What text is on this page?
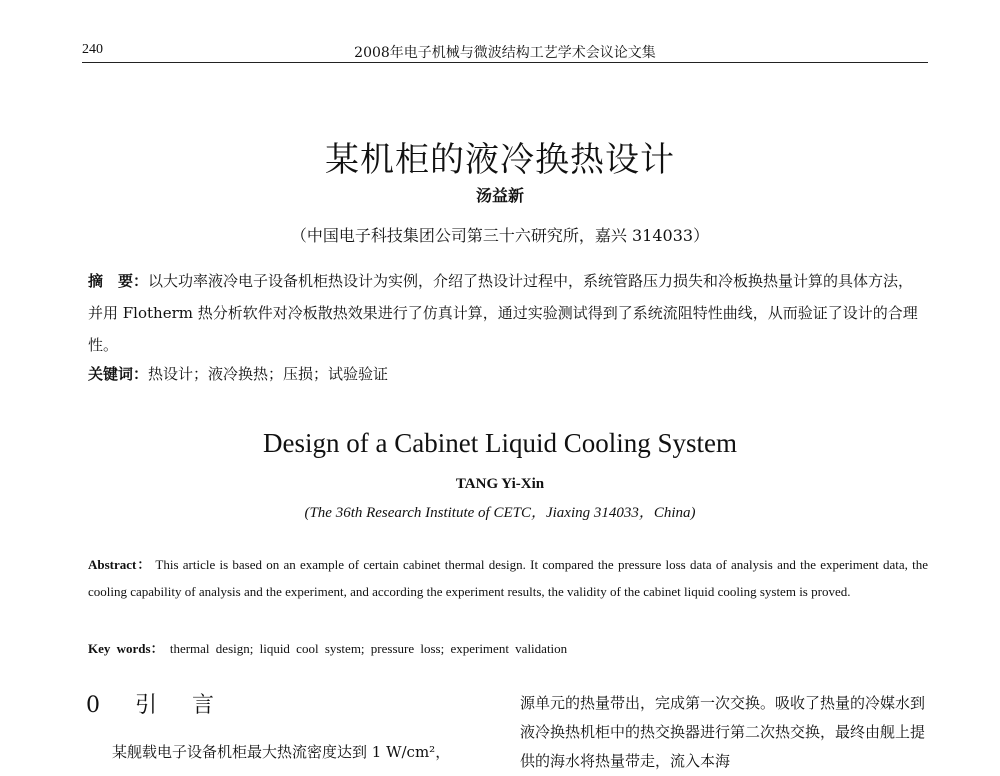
240	2008年电子机械与微波结构工艺学术会议论文集
某机柜的液冷换热设计
汤益新
（中国电子科技集团公司第三十六研究所，嘉兴 314033）
摘　要：以大功率液冷电子设备机柜热设计为实例，介绍了热设计过程中，系统管路压力损失和冷板换热量计算的具体方法，并用 Flotherm 热分析软件对冷板散热效果进行了仿真计算，通过实验测试得到了系统流阻特性曲线，从而验证了设计的合理性。
关键词：热设计；液冷换热；压损；试验验证
Design of a Cabinet Liquid Cooling System
TANG Yi-Xin
(The 36th Research Institute of CETC，Jiaxing 314033，China)
Abstract： This article is based on an example of certain cabinet thermal design. It compared the pressure loss data of analysis and the experiment data, the cooling capability of analysis and the experiment, and according the experiment results, the validity of the cabinet liquid cooling system is proved.
Key words： thermal design; liquid cool system; pressure loss; experiment validation
0 引 言
某舰载电子设备机柜最大热流密度达到 1 W/cm²，
源单元的热量带出，完成第一次交换。吸收了热量的冷媒水到液冷换热机柜中的热交换器进行第二次热交换，最终由舰上提供的海水将热量带走，流入本海
